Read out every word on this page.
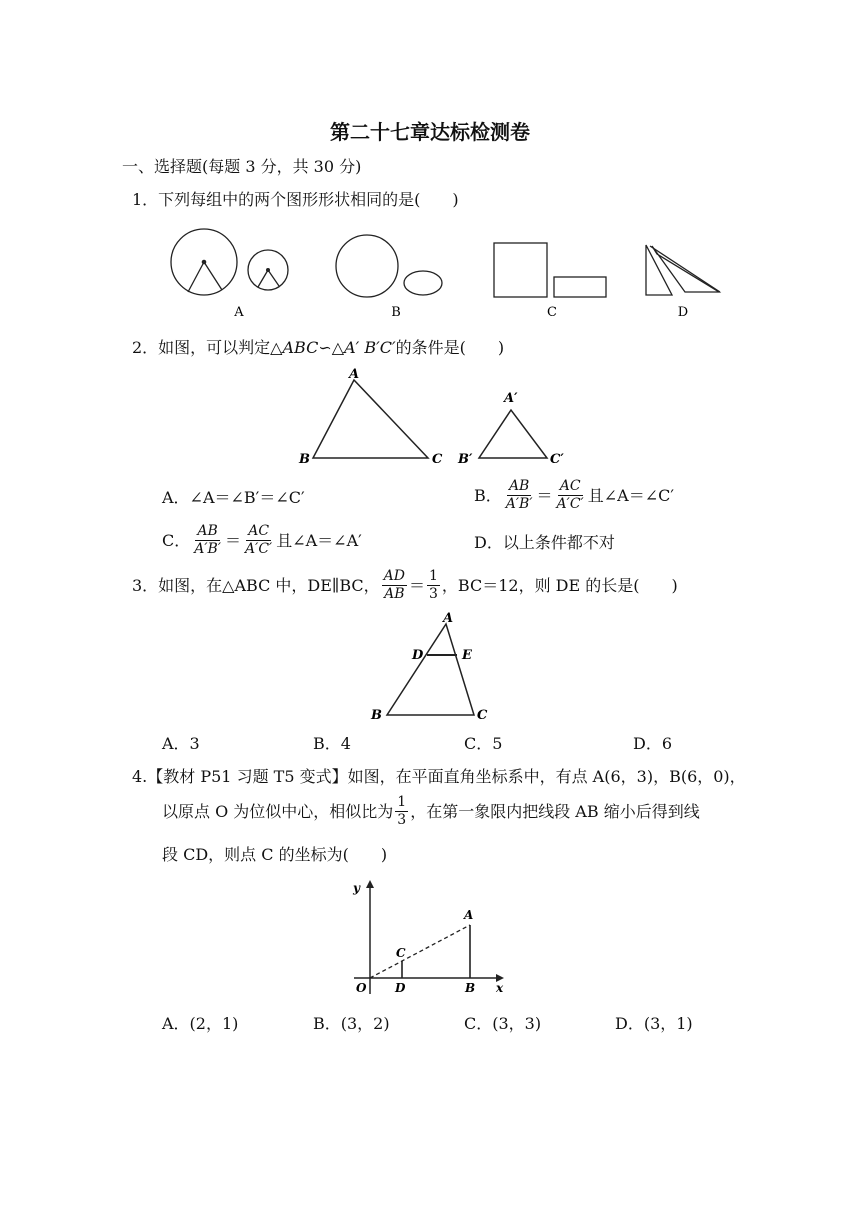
第二十七章达标检测卷
一、选择题(每题 3 分，共 30 分)
1．下列每组中的两个图形形状相同的是(　　)
A	B	C	D
2．如图，可以判定△ABC∽△A′ B′C′的条件是(　　)
A
B	C
A′
B′	C′
A．∠A＝∠B′＝∠C′	B． $\frac{AB}{A'B'} = \frac{AC}{A'C'}$ 且∠A＝∠C′
C． $\frac{AB}{A'B'} = \frac{AC}{A'C'}$ 且∠A＝∠A′	D．以上条件都不对
3．如图，在△ABC 中，DE∥BC， $\frac{AD}{AB} = \frac{1}{3}$ ，BC＝12，则 DE 的长是(　　)
A
D	E
B	C
A．3	B．4	C．5	D．6
4.【教材 P51 习题 T5 变式】如图，在平面直角坐标系中，有点 A(6，3)，B(6，0)，
以原点 O 为位似中心，相似比为 $\frac{1}{3}$ ，在第一象限内把线段 AB 缩小后得到线
段 CD，则点 C 的坐标为(　　)
y
x
O
A
B
C
D
A．(2，1)	B．(3，2)	C．(3，3)	D．(3，1)
